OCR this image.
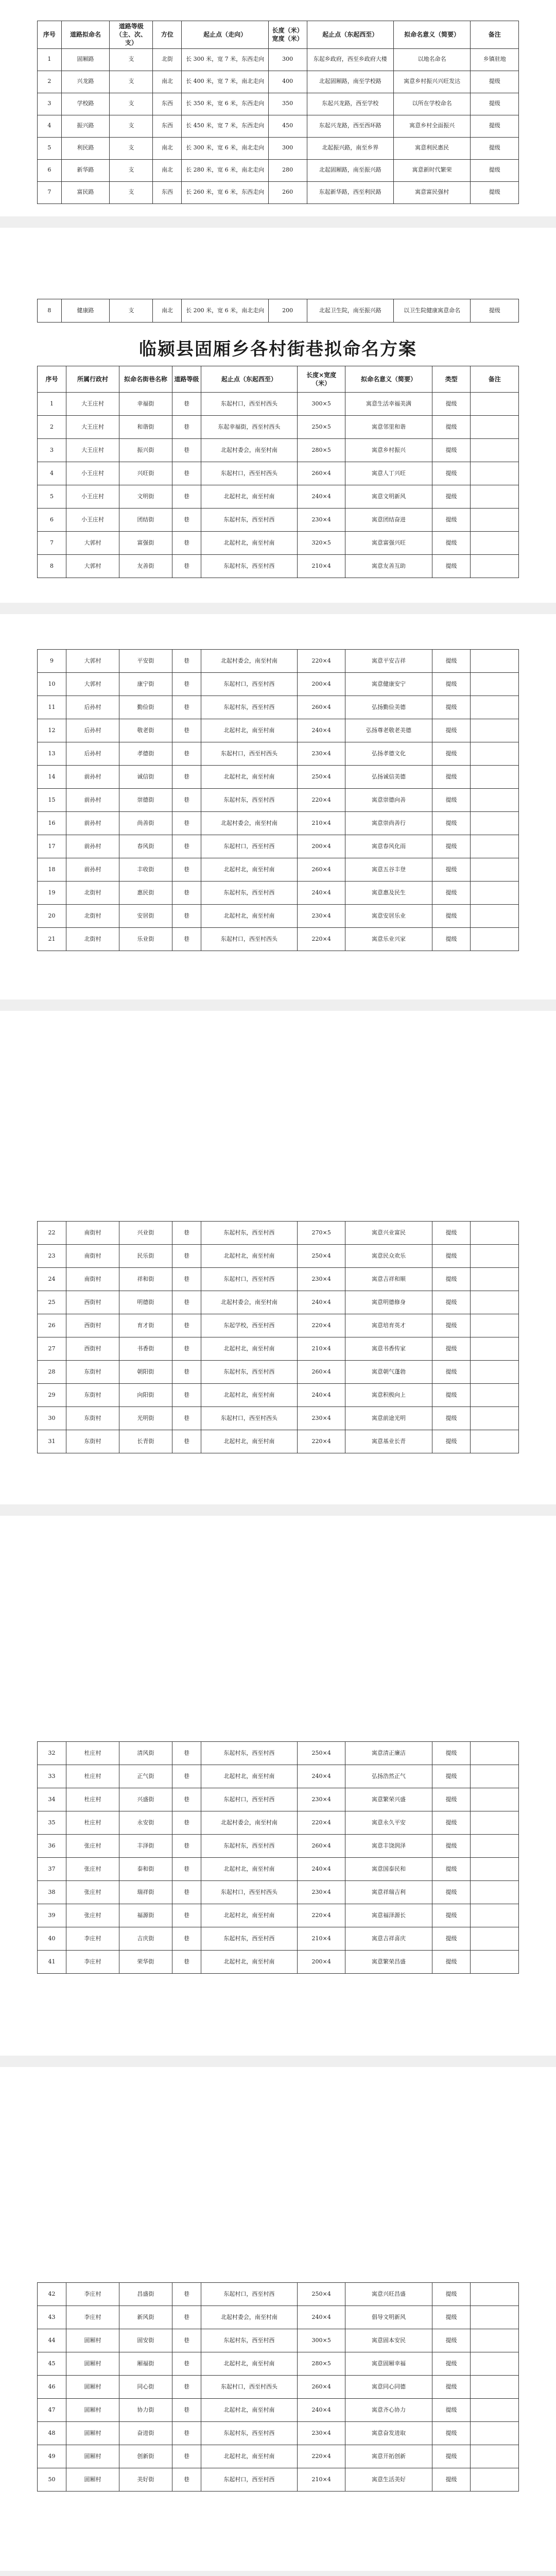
序号	道路拟命名	道路等级（主、次、支）	方位	起止点（走向）	长度（米）宽度（米）	起止点（东起西至）	拟命名意义（简要）	备注
1	固厢路	支	北街	长 300 米，宽 7 米，东西走向	300	东起乡政府，西至乡政府大楼	以地名命名	乡镇驻地
2	兴龙路	支	南北	长 400 米，宽 7 米，南北走向	400	北起固厢路，南至学校路	寓意乡村振兴兴旺发达	提级
3	学校路	支	东西	长 350 米，宽 6 米，东西走向	350	东起兴龙路，西至学校	以所在学校命名	提级
4	振兴路	支	东西	长 450 米，宽 7 米，东西走向	450	东起兴龙路，西至西环路	寓意乡村全面振兴	提级
5	利民路	支	南北	长 300 米，宽 6 米，南北走向	300	北起振兴路，南至乡界	寓意利民惠民	提级
6	新华路	支	南北	长 280 米，宽 6 米，南北走向	280	北起固厢路，南至振兴路	寓意新时代繁荣	提级
7	富民路	支	东西	长 260 米，宽 6 米，东西走向	260	东起新华路，西至利民路	寓意富民强村	提级
8	健康路	支	南北	长 200 米，宽 6 米，南北走向	200	北起卫生院，南至振兴路	以卫生院健康寓意命名	提级
临颍县固厢乡各村街巷拟命名方案
序号	所属行政村	拟命名街巷名称	道路等级	起止点（东起西至）	长度×宽度（米）	拟命名意义（简要）	类型	备注
1	大王庄村	幸福街	巷	东起村口，西至村西头	300×5	寓意生活幸福美满	提级	
2	大王庄村	和谐街	巷	东起幸福街，西至村西头	250×5	寓意邻里和谐	提级	
3	大王庄村	振兴街	巷	北起村委会，南至村南	280×5	寓意乡村振兴	提级	
4	小王庄村	兴旺街	巷	东起村口，西至村西头	260×4	寓意人丁兴旺	提级	
5	小王庄村	文明街	巷	北起村北，南至村南	240×4	寓意文明新风	提级	
6	小王庄村	团结街	巷	东起村东，西至村西	230×4	寓意团结奋进	提级	
7	大郭村	富强街	巷	北起村北，南至村南	320×5	寓意富强兴旺	提级	
8	大郭村	友善街	巷	东起村东，西至村西	210×4	寓意友善互助	提级	
9	大郭村	平安街	巷	北起村委会，南至村南	220×4	寓意平安吉祥	提级	
10	大郭村	康宁街	巷	东起村口，西至村西	200×4	寓意健康安宁	提级	
11	后孙村	勤俭街	巷	东起村东，西至村西	260×4	弘扬勤俭美德	提级	
12	后孙村	敬老街	巷	北起村北，南至村南	240×4	弘扬尊老敬老美德	提级	
13	后孙村	孝德街	巷	东起村口，西至村西头	230×4	弘扬孝德文化	提级	
14	前孙村	诚信街	巷	北起村北，南至村南	250×4	弘扬诚信美德	提级	
15	前孙村	崇德街	巷	东起村东，西至村西	220×4	寓意崇德向善	提级	
16	前孙村	尚善街	巷	北起村委会，南至村南	210×4	寓意崇尚善行	提级	
17	前孙村	春风街	巷	东起村口，西至村西	200×4	寓意春风化雨	提级	
18	前孙村	丰收街	巷	北起村北，南至村南	260×4	寓意五谷丰登	提级	
19	北街村	惠民街	巷	东起村东，西至村西	240×4	寓意惠及民生	提级	
20	北街村	安居街	巷	北起村北，南至村南	230×4	寓意安居乐业	提级	
21	北街村	乐业街	巷	东起村口，西至村西头	220×4	寓意乐业兴家	提级	
22	南街村	兴业街	巷	东起村东，西至村西	270×5	寓意兴业富民	提级	
23	南街村	民乐街	巷	北起村北，南至村南	250×4	寓意民众欢乐	提级	
24	南街村	祥和街	巷	东起村口，西至村西	230×4	寓意吉祥和顺	提级	
25	西街村	明德街	巷	北起村委会，南至村南	240×4	寓意明德修身	提级	
26	西街村	育才街	巷	东起学校，西至村西	220×4	寓意培育英才	提级	
27	西街村	书香街	巷	北起村北，南至村南	210×4	寓意书香传家	提级	
28	东街村	朝阳街	巷	东起村东，西至村西	260×4	寓意朝气蓬勃	提级	
29	东街村	向阳街	巷	北起村北，南至村南	240×4	寓意积极向上	提级	
30	东街村	光明街	巷	东起村口，西至村西头	230×4	寓意前途光明	提级	
31	东街村	长青街	巷	北起村北，南至村南	220×4	寓意基业长青	提级	
32	杜庄村	清风街	巷	东起村东，西至村西	250×4	寓意清正廉洁	提级	
33	杜庄村	正气街	巷	北起村北，南至村南	240×4	弘扬浩然正气	提级	
34	杜庄村	兴盛街	巷	东起村口，西至村西	230×4	寓意繁荣兴盛	提级	
35	杜庄村	永安街	巷	北起村委会，南至村南	220×4	寓意永久平安	提级	
36	张庄村	丰泽街	巷	东起村东，西至村西	260×4	寓意丰饶润泽	提级	
37	张庄村	泰和街	巷	北起村北，南至村南	240×4	寓意国泰民和	提级	
38	张庄村	瑞祥街	巷	东起村口，西至村西头	230×4	寓意祥瑞吉利	提级	
39	张庄村	福源街	巷	北起村北，南至村南	220×4	寓意福泽源长	提级	
40	李庄村	吉庆街	巷	东起村东，西至村西	210×4	寓意吉祥喜庆	提级	
41	李庄村	荣华街	巷	北起村北，南至村南	200×4	寓意繁荣昌盛	提级	
42	李庄村	昌盛街	巷	东起村口，西至村西	250×4	寓意兴旺昌盛	提级	
43	李庄村	新风街	巷	北起村委会，南至村南	240×4	倡导文明新风	提级	
44	固厢村	固安街	巷	东起村东，西至村西	300×5	寓意固本安民	提级	
45	固厢村	厢福街	巷	北起村北，南至村南	280×5	寓意固厢幸福	提级	
46	固厢村	同心街	巷	东起村口，西至村西头	260×4	寓意同心同德	提级	
47	固厢村	协力街	巷	北起村北，南至村南	240×4	寓意齐心协力	提级	
48	固厢村	奋进街	巷	东起村东，西至村西	230×4	寓意奋发进取	提级	
49	固厢村	创新街	巷	北起村北，南至村南	220×4	寓意开拓创新	提级	
50	固厢村	美好街	巷	东起村口，西至村西	210×4	寓意生活美好	提级	
